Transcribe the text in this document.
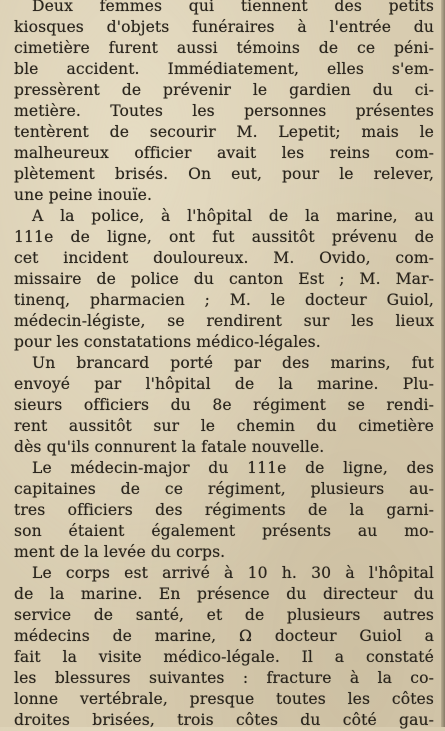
Deux femmes qui tiennent des petits
kiosques d'objets funéraires à l'entrée du
cimetière furent aussi témoins de ce péni-
ble accident. Immédiatement, elles s'em-
pressèrent de prévenir le gardien du ci-
metière. Toutes les personnes présentes
tentèrent de secourir M. Lepetit; mais le
malheureux officier avait les reins com-
plètement brisés. On eut, pour le relever,
une peine inouïe.
A la police, à l'hôpital de la marine, au
111e de ligne, ont fut aussitôt prévenu de
cet incident douloureux. M. Ovido, com-
missaire de police du canton Est ; M. Mar-
tinenq, pharmacien ; M. le docteur Guiol,
médecin-légiste, se rendirent sur les lieux
pour les constatations médico-légales.
Un brancard porté par des marins, fut
envoyé par l'hôpital de la marine. Plu-
sieurs officiers du 8e régiment se rendi-
rent aussitôt sur le chemin du cimetière
dès qu'ils connurent la fatale nouvelle.
Le médecin-major du 111e de ligne, des
capitaines de ce régiment, plusieurs au-
tres officiers des régiments de la garni-
son étaient également présents au mo-
ment de la levée du corps.
Le corps est arrivé à 10 h. 30 à l'hôpital
de la marine. En présence du directeur du
service de santé, et de plusieurs autres
médecins de marine, Ω docteur Guiol a
fait la visite médico-légale. Il a constaté
les blessures suivantes : fracture à la co-
lonne vertébrale, presque toutes les côtes
droites brisées, trois côtes du côté gau-
